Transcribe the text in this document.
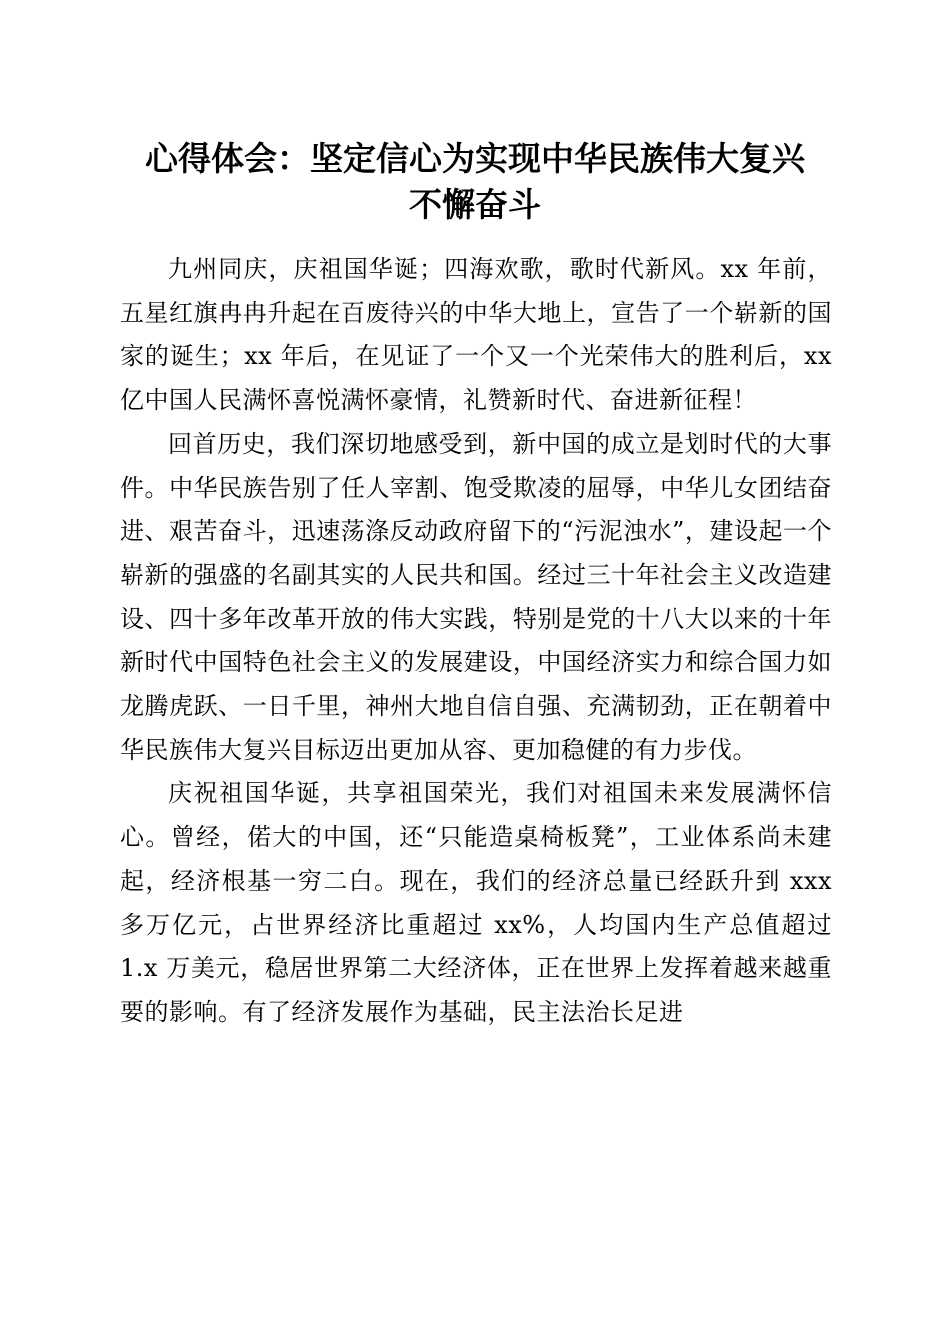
心得体会：坚定信心为实现中华民族伟大复兴
不懈奋斗

九州同庆，庆祖国华诞；四海欢歌，歌时代新风。xx 年前，五星红旗冉冉升起在百废待兴的中华大地上，宣告了一个崭新的国家的诞生；xx 年后，在见证了一个又一个光荣伟大的胜利后，xx 亿中国人民满怀喜悦满怀豪情，礼赞新时代、奋进新征程！

回首历史，我们深切地感受到，新中国的成立是划时代的大事件。中华民族告别了任人宰割、饱受欺凌的屈辱，中华儿女团结奋进、艰苦奋斗，迅速荡涤反动政府留下的“污泥浊水”，建设起一个崭新的强盛的名副其实的人民共和国。经过三十年社会主义改造建设、四十多年改革开放的伟大实践，特别是党的十八大以来的十年新时代中国特色社会主义的发展建设，中国经济实力和综合国力如龙腾虎跃、一日千里，神州大地自信自强、充满韧劲，正在朝着中华民族伟大复兴目标迈出更加从容、更加稳健的有力步伐。

庆祝祖国华诞，共享祖国荣光，我们对祖国未来发展满怀信心。曾经，偌大的中国，还“只能造桌椅板凳”，工业体系尚未建起，经济根基一穷二白。现在，我们的经济总量已经跃升到 xxx 多万亿元，占世界经济比重超过 xx%，人均国内生产总值超过 1.x 万美元，稳居世界第二大经济体，正在世界上发挥着越来越重要的影响。有了经济发展作为基础，民主法治长足进
